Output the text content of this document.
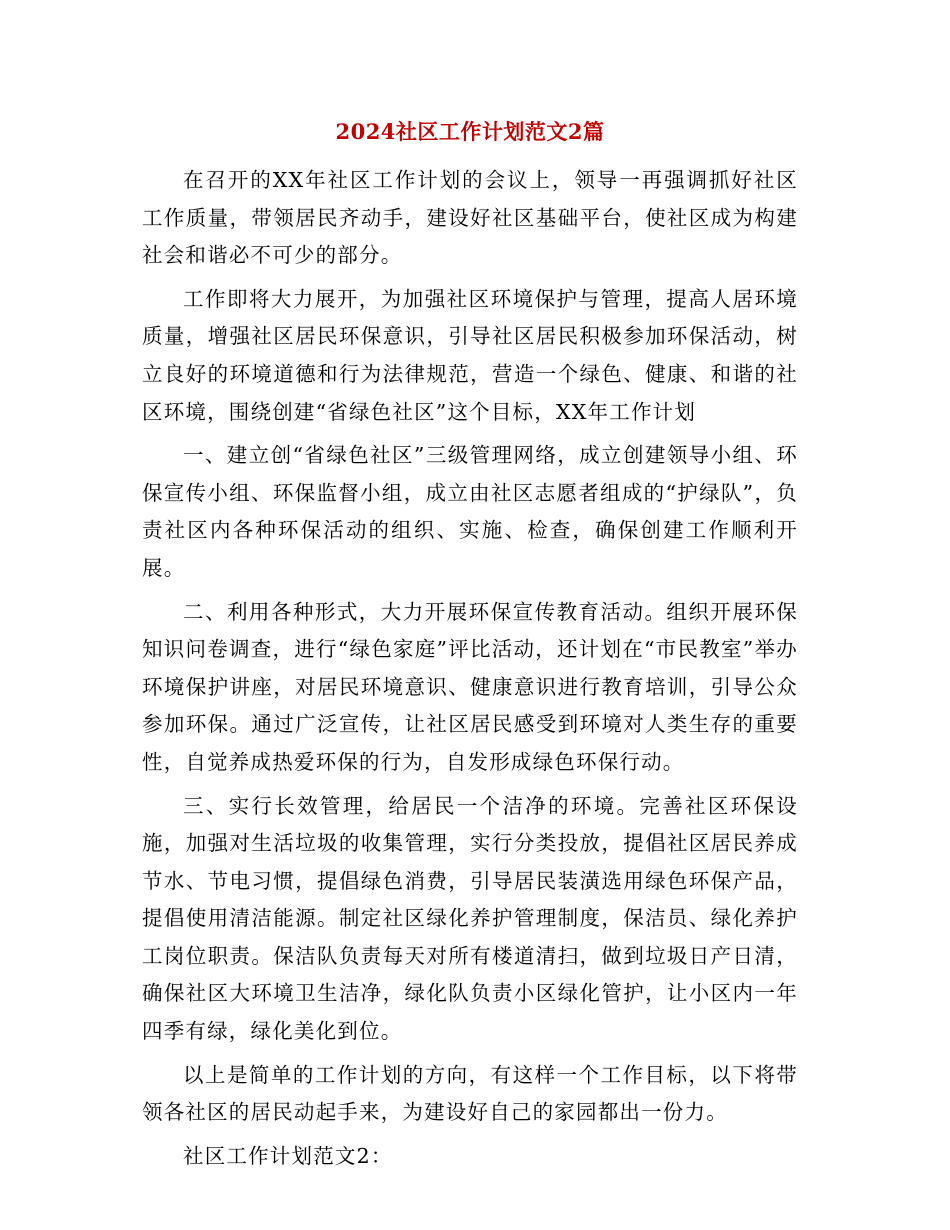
2024社区工作计划范文2篇

在召开的XX年社区工作计划的会议上，领导一再强调抓好社区工作质量，带领居民齐动手，建设好社区基础平台，使社区成为构建社会和谐必不可少的部分。

工作即将大力展开，为加强社区环境保护与管理，提高人居环境质量，增强社区居民环保意识，引导社区居民积极参加环保活动，树立良好的环境道德和行为法律规范，营造一个绿色、健康、和谐的社区环境，围绕创建“省绿色社区”这个目标，XX年工作计划

一、建立创“省绿色社区”三级管理网络，成立创建领导小组、环保宣传小组、环保监督小组，成立由社区志愿者组成的“护绿队”，负责社区内各种环保活动的组织、实施、检查，确保创建工作顺利开展。

二、利用各种形式，大力开展环保宣传教育活动。组织开展环保知识问卷调查，进行“绿色家庭”评比活动，还计划在“市民教室”举办环境保护讲座，对居民环境意识、健康意识进行教育培训，引导公众参加环保。通过广泛宣传，让社区居民感受到环境对人类生存的重要性，自觉养成热爱环保的行为，自发形成绿色环保行动。

三、实行长效管理，给居民一个洁净的环境。完善社区环保设施，加强对生活垃圾的收集管理，实行分类投放，提倡社区居民养成节水、节电习惯，提倡绿色消费，引导居民装潢选用绿色环保产品，提倡使用清洁能源。制定社区绿化养护管理制度，保洁员、绿化养护工岗位职责。保洁队负责每天对所有楼道清扫，做到垃圾日产日清，确保社区大环境卫生洁净，绿化队负责小区绿化管护，让小区内一年四季有绿，绿化美化到位。

以上是简单的工作计划的方向，有这样一个工作目标，以下将带领各社区的居民动起手来，为建设好自己的家园都出一份力。

社区工作计划范文2：
